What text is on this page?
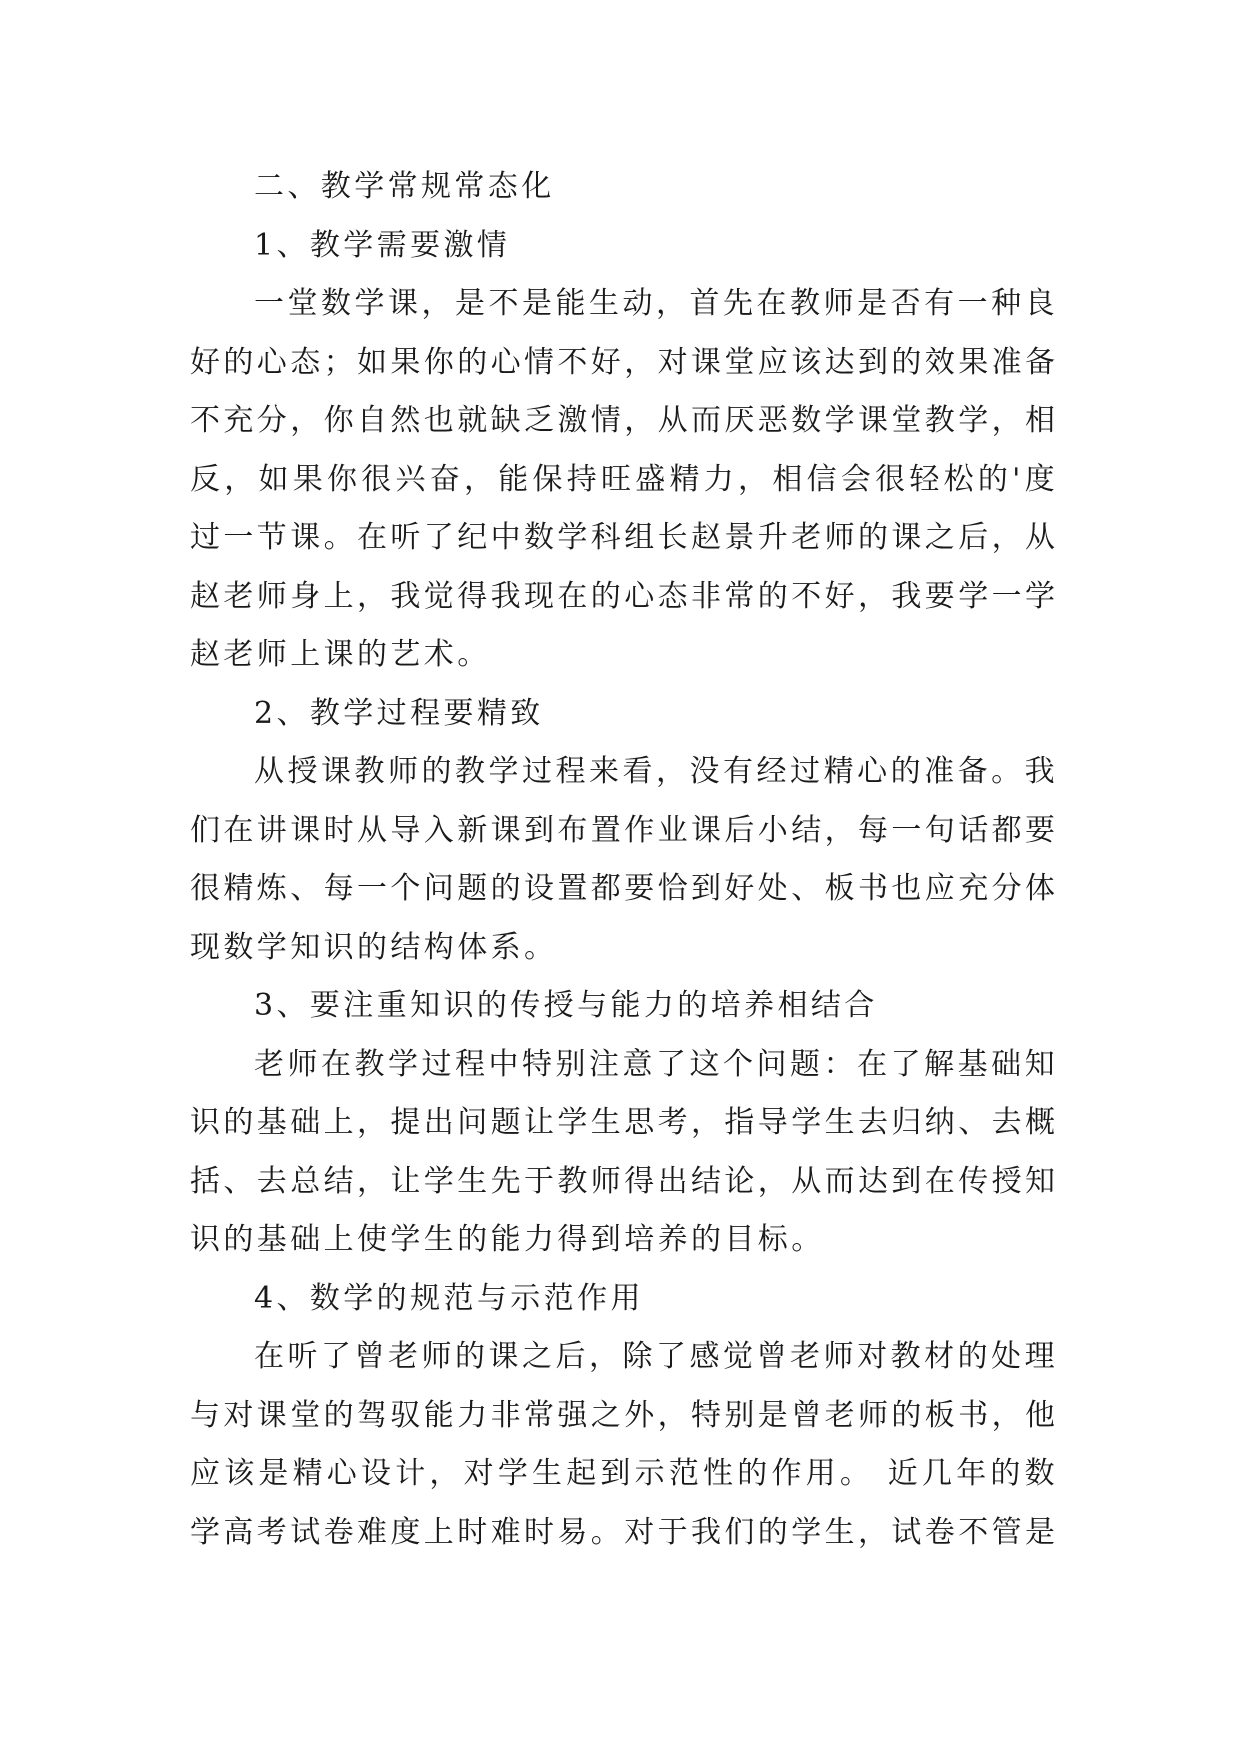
二、教学常规常态化
1、教学需要激情
一堂数学课，是不是能生动，首先在教师是否有一种良
好的心态；如果你的心情不好，对课堂应该达到的效果准备
不充分，你自然也就缺乏激情，从而厌恶数学课堂教学，相
反，如果你很兴奋，能保持旺盛精力，相信会很轻松的'度
过一节课。在听了纪中数学科组长赵景升老师的课之后，从
赵老师身上，我觉得我现在的心态非常的不好，我要学一学
赵老师上课的艺术。
2、教学过程要精致
从授课教师的教学过程来看，没有经过精心的准备。我
们在讲课时从导入新课到布置作业课后小结，每一句话都要
很精炼、每一个问题的设置都要恰到好处、板书也应充分体
现数学知识的结构体系。
3、要注重知识的传授与能力的培养相结合
老师在教学过程中特别注意了这个问题：在了解基础知
识的基础上，提出问题让学生思考，指导学生去归纳、去概
括、去总结，让学生先于教师得出结论，从而达到在传授知
识的基础上使学生的能力得到培养的目标。
4、数学的规范与示范作用
在听了曾老师的课之后，除了感觉曾老师对教材的处理
与对课堂的驾驭能力非常强之外，特别是曾老师的板书，他
应该是精心设计，对学生起到示范性的作用。 近几年的数
学高考试卷难度上时难时易。对于我们的学生，试卷不管是
